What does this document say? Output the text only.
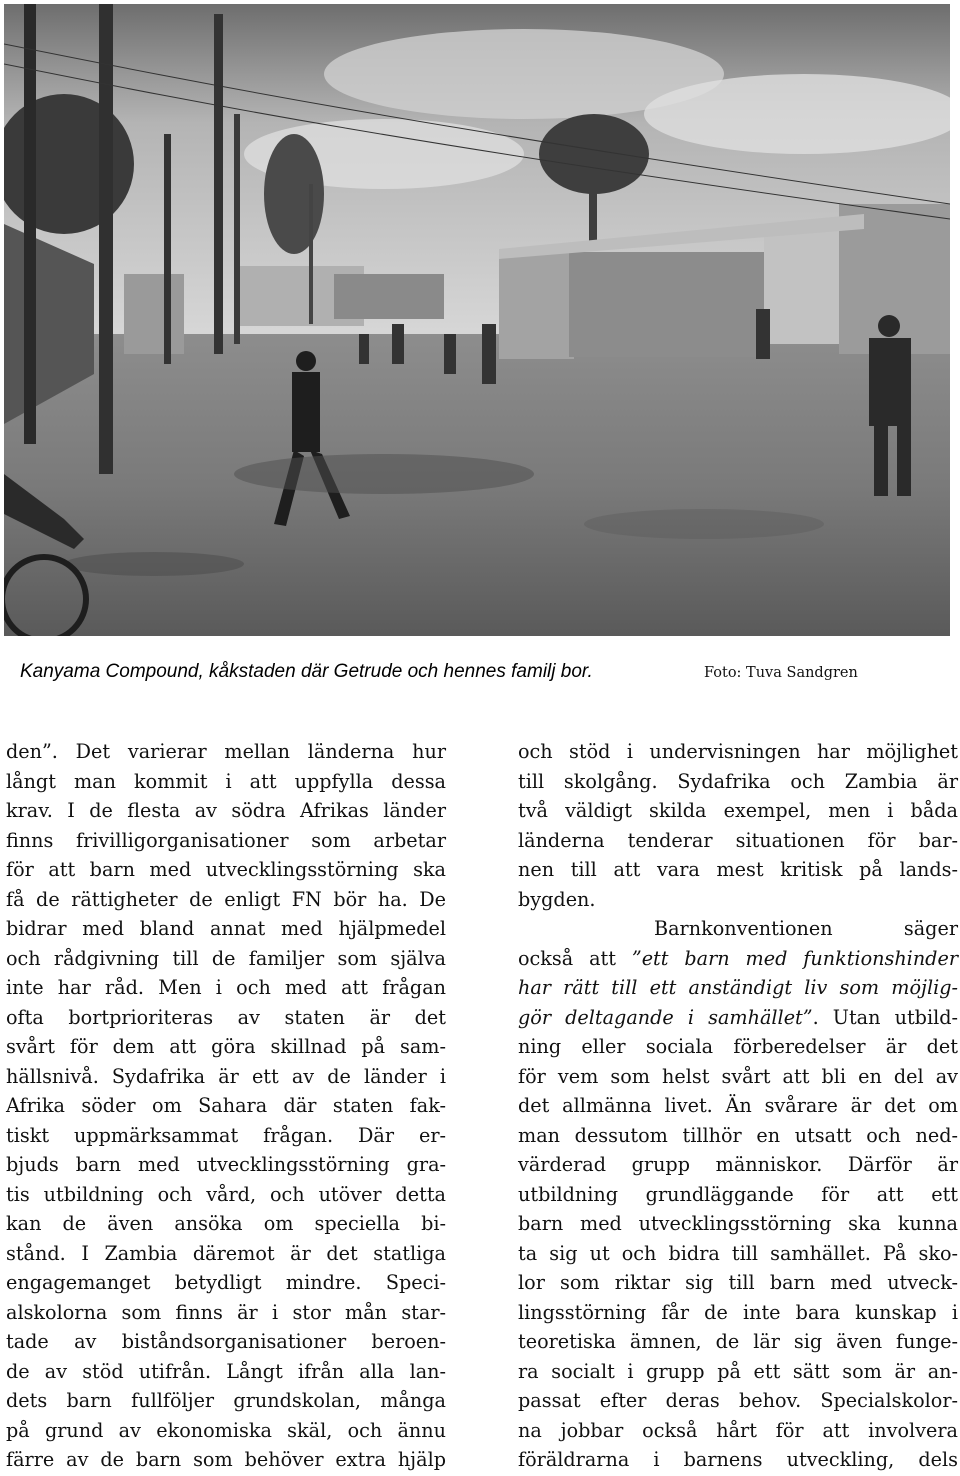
Kanyama Compound, kåkstaden där Getrude och hennes familj bor.	Foto: Tuva Sandgren
den”. Det varierar mellan länderna hur
långt man kommit i att uppfylla dessa
krav. I de flesta av södra Afrikas länder
finns frivilligorganisationer som arbetar
för att barn med utvecklingsstörning ska
få de rättigheter de enligt FN bör ha. De
bidrar med bland annat med hjälpmedel
och rådgivning till de familjer som själva
inte har råd. Men i och med att frågan
ofta bortprioriteras av staten är det
svårt för dem att göra skillnad på sam-
hällsnivå. Sydafrika är ett av de länder i
Afrika söder om Sahara där staten fak-
tiskt uppmärksammat frågan. Där er-
bjuds barn med utvecklingsstörning gra-
tis utbildning och vård, och utöver detta
kan de även ansöka om speciella bi-
stånd. I Zambia däremot är det statliga
engagemanget betydligt mindre. Speci-
alskolorna som finns är i stor mån star-
tade av biståndsorganisationer beroen-
de av stöd utifrån. Långt ifrån alla lan-
dets barn fullföljer grundskolan, många
på grund av ekonomiska skäl, och ännu
färre av de barn som behöver extra hjälp
och stöd i undervisningen har möjlighet
till skolgång. Sydafrika och Zambia är
två väldigt skilda exempel, men i båda
länderna tenderar situationen för bar-
nen till att vara mest kritisk på lands-
bygden.
Barnkonventionen säger
också att ”ett barn med funktionshinder
har rätt till ett anständigt liv som möjlig-
gör deltagande i samhället”. Utan utbild-
ning eller sociala förberedelser är det
för vem som helst svårt att bli en del av
det allmänna livet. Än svårare är det om
man dessutom tillhör en utsatt och ned-
värderad grupp människor. Därför är
utbildning grundläggande för att ett
barn med utvecklingsstörning ska kunna
ta sig ut och bidra till samhället. På sko-
lor som riktar sig till barn med utveck-
lingsstörning får de inte bara kunskap i
teoretiska ämnen, de lär sig även funge-
ra socialt i grupp på ett sätt som är an-
passat efter deras behov. Specialskolor-
na jobbar också hårt för att involvera
föräldrarna i barnens utveckling, dels
